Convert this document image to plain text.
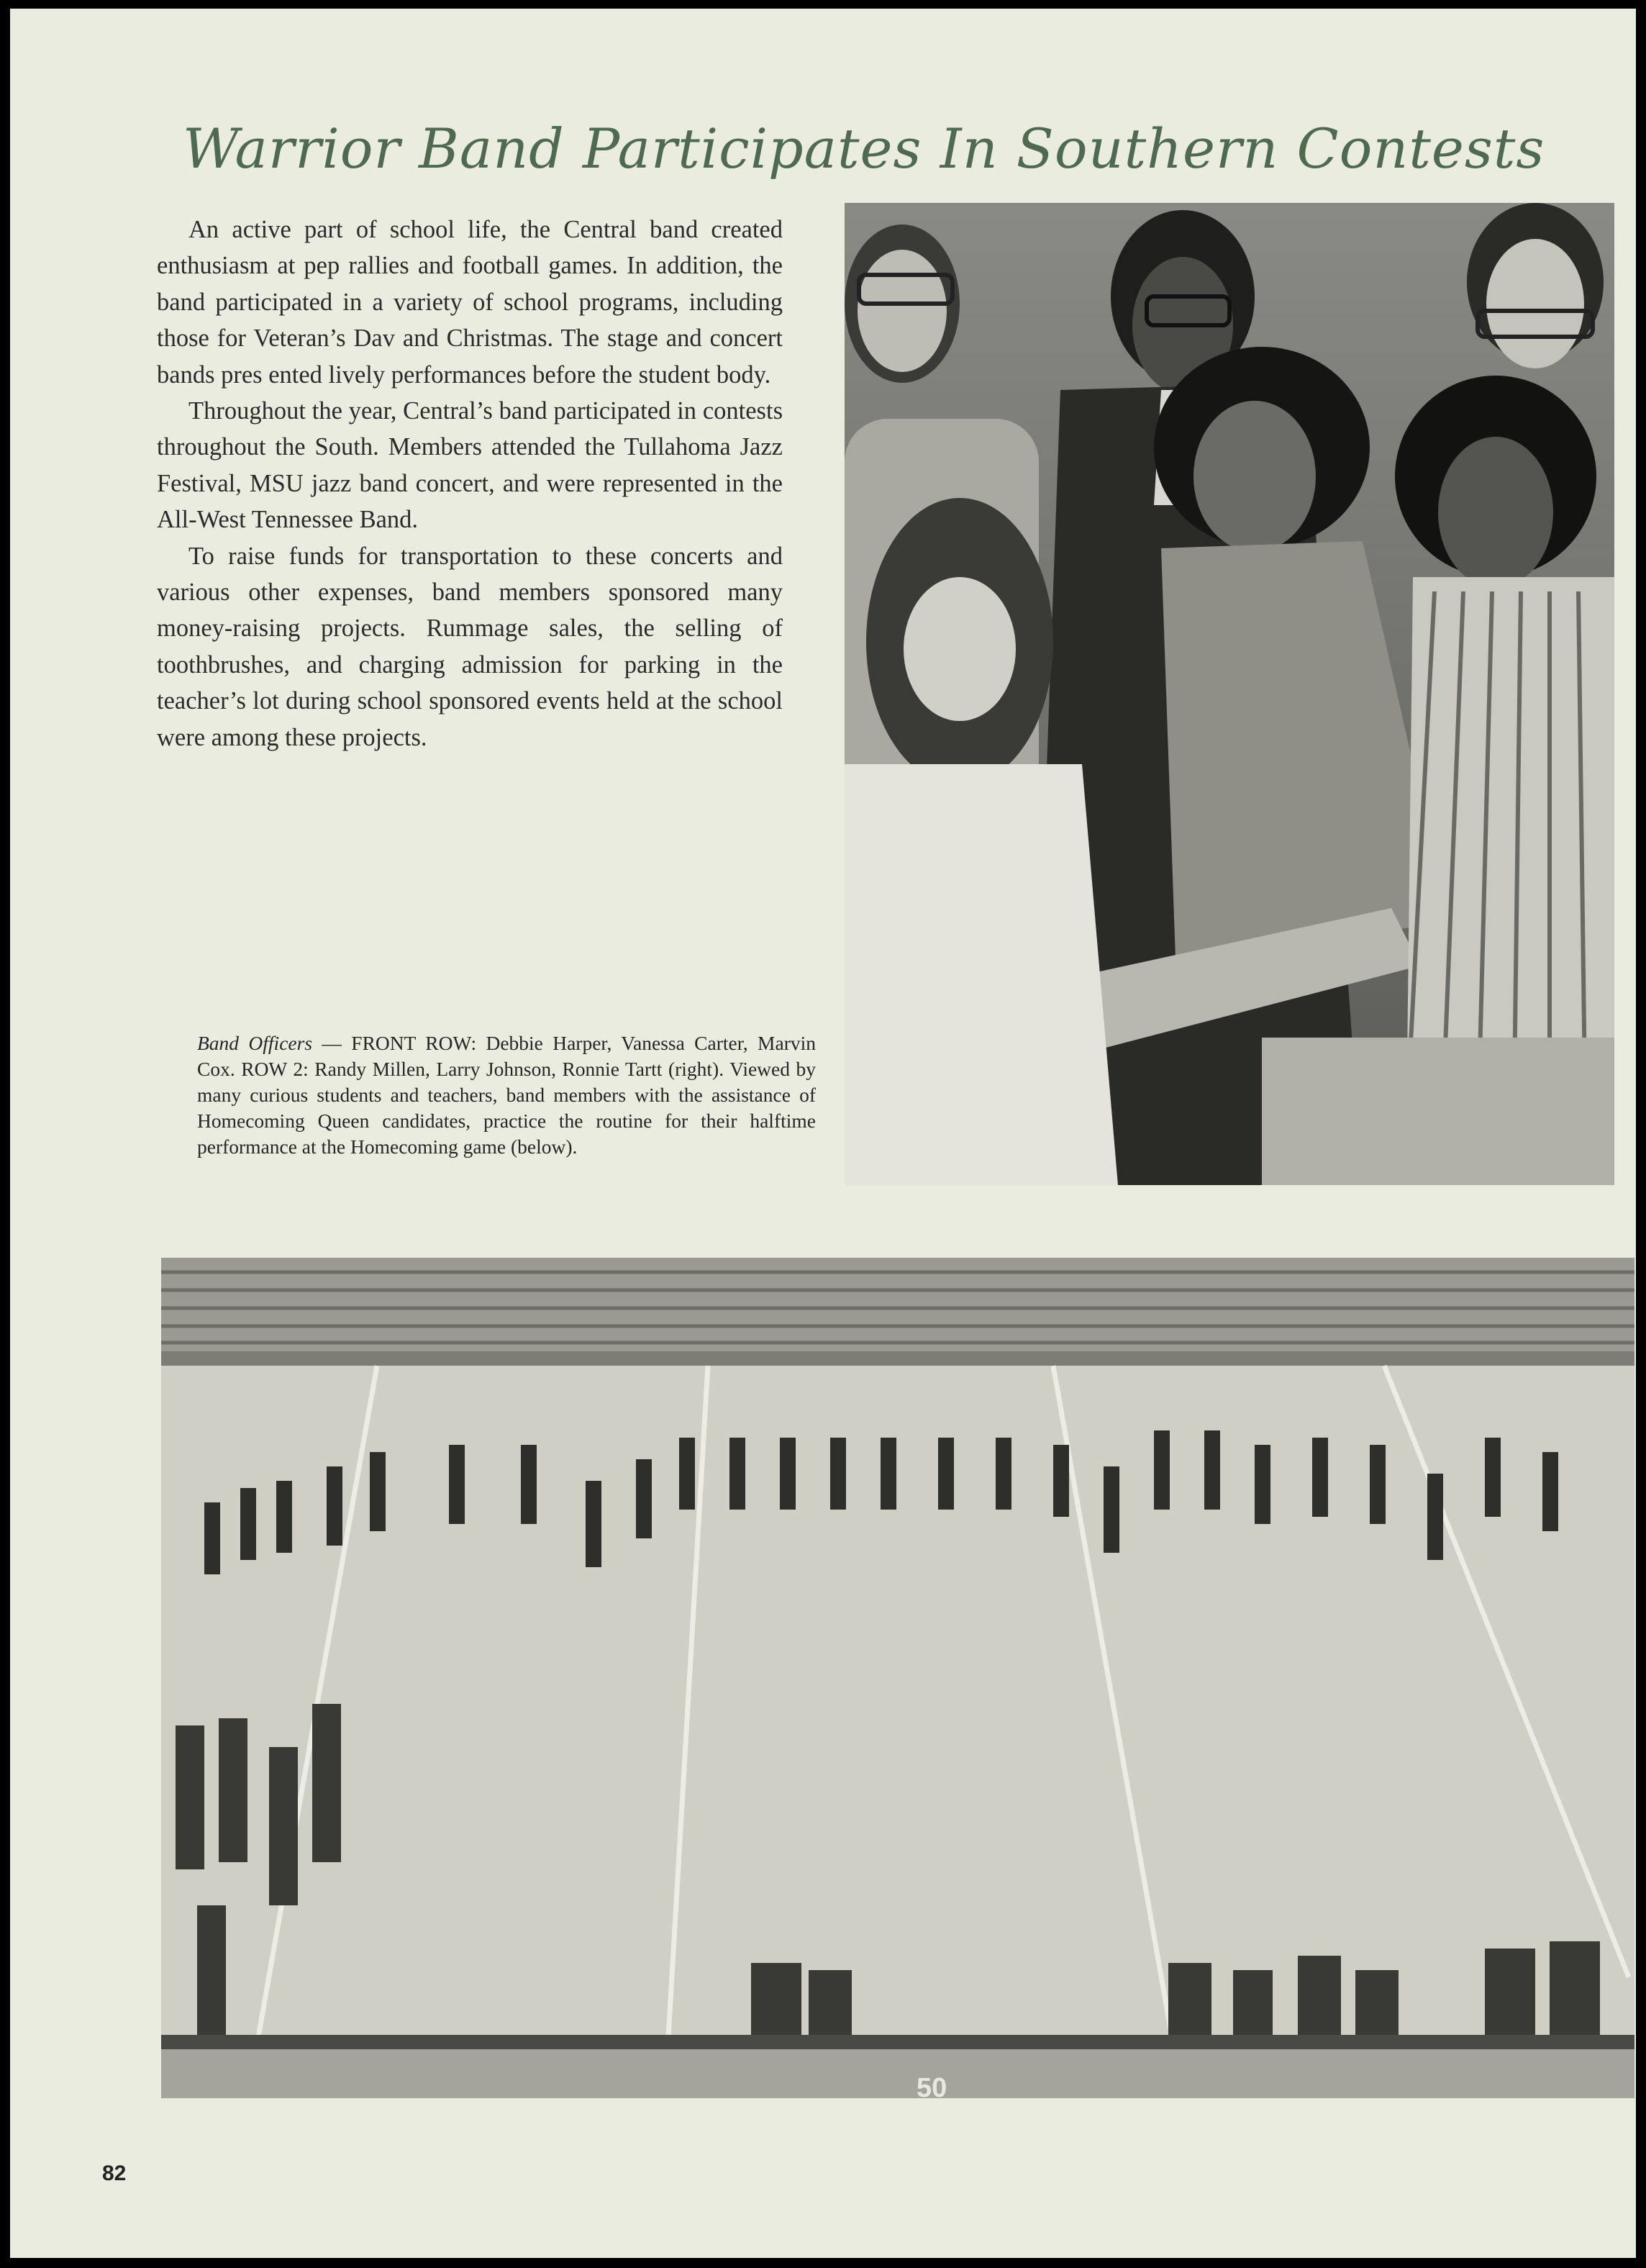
Warrior Band Participates In Southern Contests

An active part of school life, the Central band created enthusiasm at pep rallies and football games. In addition, the band participated in a variety of school programs, including those for Veteran’s Dav and Christmas. The stage and concert bands pres ented lively performances before the student body.

Throughout the year, Central’s band participated in contests throughout the South. Members attended the Tullahoma Jazz Festival, MSU jazz band concert, and were represented in the All-West Tennessee Band.

To raise funds for transportation to these concerts and various other expenses, band members sponsored many money-raising projects. Rummage sales, the selling of toothbrushes, and charging admission for parking in the teacher’s lot during school sponsored events held at the school were among these projects.

Band Officers — FRONT ROW: Debbie Harper, Vanessa Carter, Marvin Cox. ROW 2: Randy Millen, Larry Johnson, Ronnie Tartt (right). Viewed by many curious students and teachers, band members with the assistance of Homecoming Queen candidates, practice the routine for their halftime performance at the Homecoming game (below).
50
82
